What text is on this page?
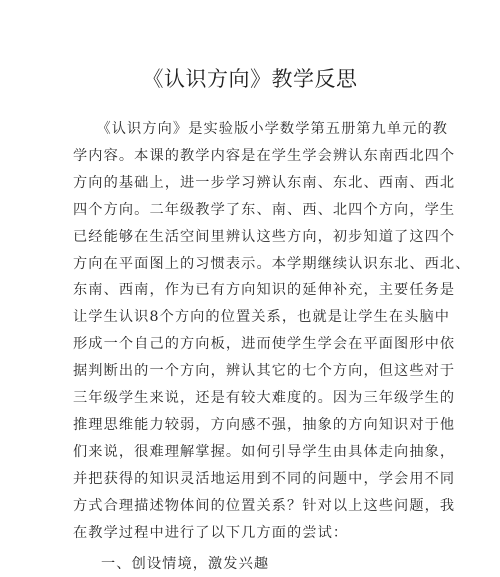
《认识方向》教学反思
　　《认识方向》是实验版小学数学第五册第九单元的教
学内容。本课的教学内容是在学生学会辨认东南西北四个
方向的基础上，进一步学习辨认东南、东北、西南、西北
四个方向。二年级教学了东、南、西、北四个方向，学生
已经能够在生活空间里辨认这些方向，初步知道了这四个
方向在平面图上的习惯表示。本学期继续认识东北、西北、
东南、西南，作为已有方向知识的延伸补充，主要任务是
让学生认识8个方向的位置关系，也就是让学生在头脑中
形成一个自己的方向板，进而使学生学会在平面图形中依
据判断出的一个方向，辨认其它的七个方向，但这些对于
三年级学生来说，还是有较大难度的。因为三年级学生的
推理思维能力较弱，方向感不强，抽象的方向知识对于他
们来说，很难理解掌握。如何引导学生由具体走向抽象，
并把获得的知识灵活地运用到不同的问题中，学会用不同
方式合理描述物体间的位置关系？针对以上这些问题，我
在教学过程中进行了以下几方面的尝试：
一、创设情境，激发兴趣
